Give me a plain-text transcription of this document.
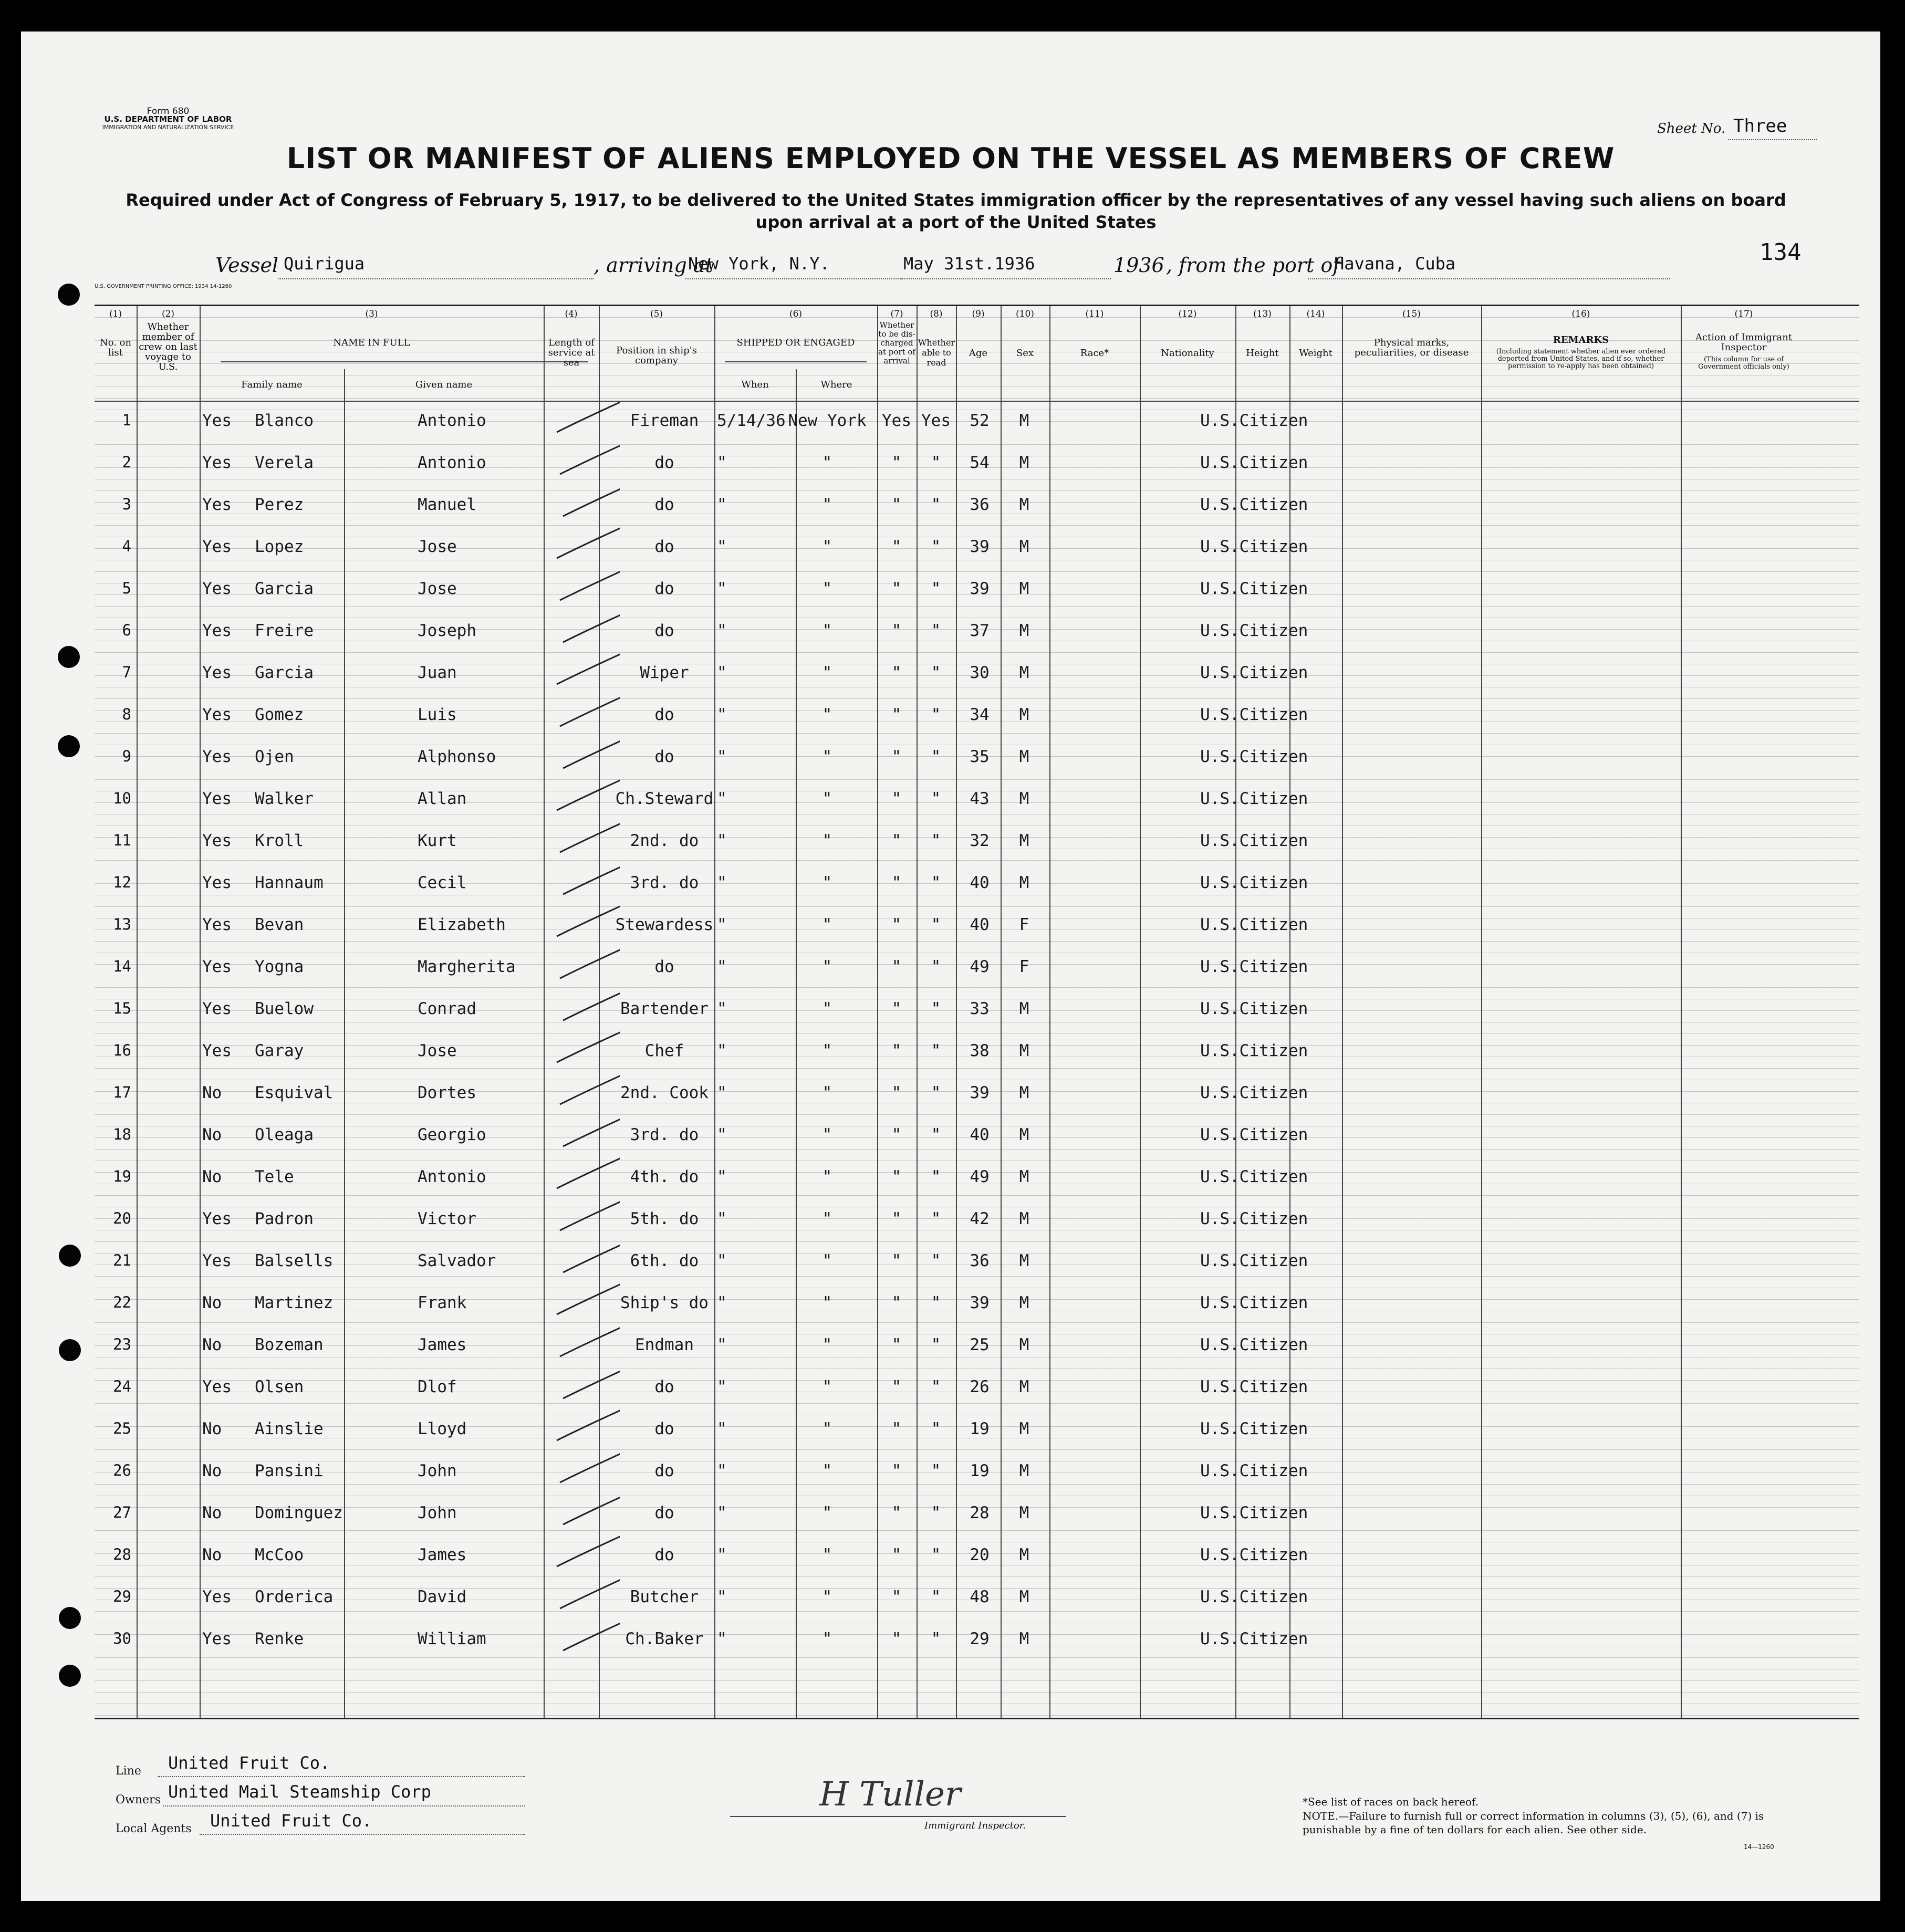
Form 680
U.S. DEPARTMENT OF LABOR
IMMIGRATION AND NATURALIZATION SERVICE	Sheet No. Three
LIST OR MANIFEST OF ALIENS EMPLOYED ON THE VESSEL AS MEMBERS OF CREW
Required under Act of Congress of February 5, 1917, to be delivered to the United States immigration officer by the representatives of any vessel having such aliens on board upon arrival at a port of the United States
Vessel Quirigua	, arriving at
New York, N.Y.	May 31st.1936	1936 , from the port of
Havana, Cuba	134
U.S. GOVERNMENT PRINTING OFFICE: 1934 14-1260
(1)
No. on list
(2)
Whether member of crew on last voyage to U.S.
(3)
NAME IN FULL
Family name	Given name
(4)
Length of service at sea
(5)
Position in ship's company
(6)
SHIPPED OR ENGAGED
When	Where
(7)
Whether to be dis-charged at port of arrival
(8)
Whether able to read
(9)
Age
(10)
Sex
(11)
Race*
(12)
Nationality
(13)
Height
(14)
Weight
(15)
Physical marks, peculiarities, or disease
(16)
REMARKS
(Including statement whether alien ever ordered deported from United States, and if so, whether permission to re-apply has been obtained)
(17)
Action of Immigrant Inspector
(This column for use of Government officials only)
1	Yes Blanco	Antonio	Fireman	5/14/36 New York Yes Yes	52	M	U.S.Citizen
2	Yes Verela	Antonio	do	"	"	"	"	54	M	U.S.Citizen
3	Yes Perez	Manuel	do	"	"	"	"	36	M	U.S.Citizen
4	Yes Lopez	Jose	do	"	"	"	"	39	M	U.S.Citizen
5	Yes Garcia	Jose	do	"	"	"	"	39	M	U.S.Citizen
6	Yes Freire	Joseph	do	"	"	"	"	37	M	U.S.Citizen
7	Yes Garcia	Juan	Wiper	"	"	"	"	30	M	U.S.Citizen
8	Yes Gomez	Luis	do	"	"	"	"	34	M	U.S.Citizen
9	Yes Ojen	Alphonso	do	"	"	"	"	35	M	U.S.Citizen
10	Yes Walker	Allan	Ch.Steward "	"	"	"	43	M	U.S.Citizen
11	Yes Kroll	Kurt	2nd. do	"	"	"	"	32	M	U.S.Citizen
12	Yes Hannaum	Cecil	3rd. do	"	"	"	"	40	M	U.S.Citizen
13	Yes Bevan	Elizabeth	Stewardess "	"	"	"	40	F	U.S.Citizen
14	Yes Yogna	Margherita	do	"	"	"	"	49	F	U.S.Citizen
15	Yes Buelow	Conrad	Bartender "	"	"	"	33	M	U.S.Citizen
16	Yes Garay	Jose	Chef	"	"	"	"	38	M	U.S.Citizen
17	No Esquival	Dortes	2nd. Cook "	"	"	"	39	M	U.S.Citizen
18	No Oleaga	Georgio	3rd. do	"	"	"	"	40	M	U.S.Citizen
19	No Tele	Antonio	4th. do	"	"	"	"	49	M	U.S.Citizen
20	Yes Padron	Victor	5th. do	"	"	"	"	42	M	U.S.Citizen
21	Yes Balsells	Salvador	6th. do	"	"	"	"	36	M	U.S.Citizen
22	No Martinez	Frank	Ship's do "	"	"	"	39	M	U.S.Citizen
23	No Bozeman	James	Endman	"	"	"	"	25	M	U.S.Citizen
24	Yes Olsen	Dlof	do	"	"	"	"	26	M	U.S.Citizen
25	No Ainslie	Lloyd	do	"	"	"	"	19	M	U.S.Citizen
26	No Pansini	John	do	"	"	"	"	19	M	U.S.Citizen
27	No Dominguez	John	do	"	"	"	"	28	M	U.S.Citizen
28	No McCoo	James	do	"	"	"	"	20	M	U.S.Citizen
29	Yes Orderica	David	Butcher	"	"	"	"	48	M	U.S.Citizen
30	Yes Renke	William	Ch.Baker "	"	"	"	29	M	U.S.Citizen
Line United Fruit Co.
Owners United Mail Steamship Corp
Local Agents United Fruit Co.
H Tuller
Immigrant Inspector.
*See list of races on back hereof.
NOTE.—Failure to furnish full or correct information in columns (3), (5), (6), and (7) is punishable by a fine of ten dollars for each alien. See other side.
14—1260
